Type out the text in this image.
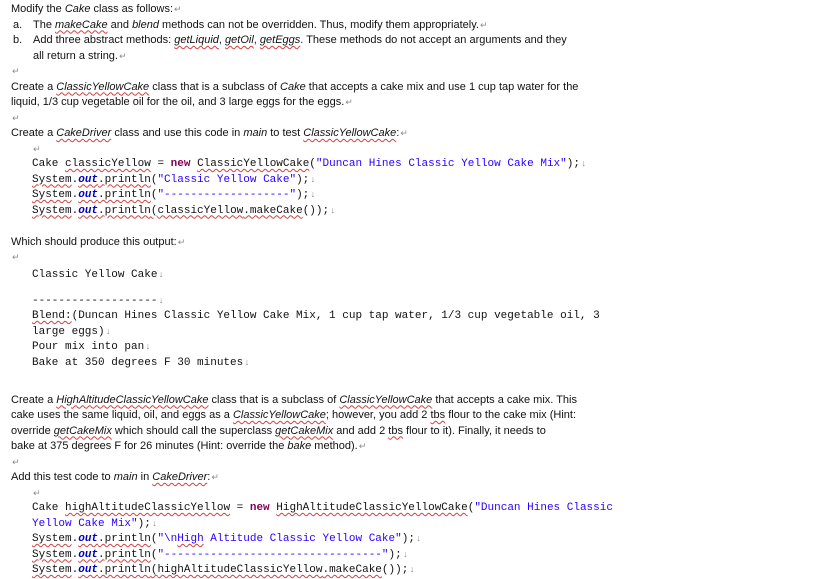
Modify the Cake class as follows:↵
a. The makeCake and blend methods can not be overridden. Thus, modify them appropriately.↵
b. Add three abstract methods: getLiquid, getOil, getEggs. These methods do not accept an arguments and they
all return a string.↵
↵
Create a ClassicYellowCake class that is a subclass of Cake that accepts a cake mix and use 1 cup tap water for the
liquid, 1/3 cup vegetable oil for the oil, and 3 large eggs for the eggs.↵
↵
Create a CakeDriver class and use this code in main to test ClassicYellowCake:↵
↵
Cake classicYellow = new ClassicYellowCake("Duncan Hines Classic Yellow Cake Mix");↓
System.out.println("Classic Yellow Cake");↓
System.out.println("-------------------");↓
System.out.println(classicYellow.makeCake());↓
Which should produce this output:↵
↵
Classic Yellow Cake↓
-------------------↓
Blend:(Duncan Hines Classic Yellow Cake Mix, 1 cup tap water, 1/3 cup vegetable oil, 3
large eggs)↓
Pour mix into pan↓
Bake at 350 degrees F 30 minutes↓
Create a HighAltitudeClassicYellowCake class that is a subclass of ClassicYellowCake that accepts a cake mix. This
cake uses the same liquid, oil, and eggs as a ClassicYellowCake; however, you add 2 tbs flour to the cake mix (Hint:
override getCakeMix which should call the superclass getCakeMix and add 2 tbs flour to it). Finally, it needs to
bake at 375 degrees F for 26 minutes (Hint: override the bake method).↵
↵
Add this test code to main in CakeDriver:↵
↵
Cake highAltitudeClassicYellow = new HighAltitudeClassicYellowCake("Duncan Hines Classic
Yellow Cake Mix");↓
System.out.println("\nHigh Altitude Classic Yellow Cake");↓
System.out.println("---------------------------------");↓
System.out.println(highAltitudeClassicYellow.makeCake());↓
